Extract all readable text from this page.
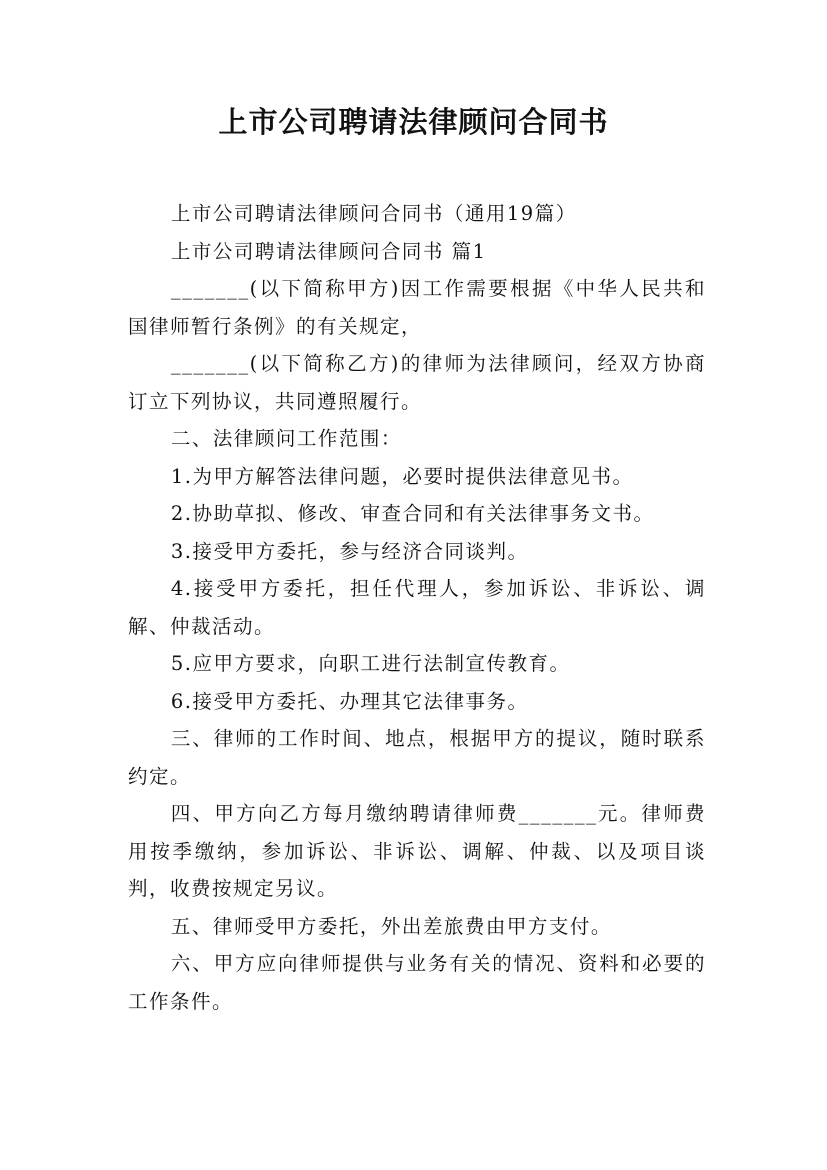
上市公司聘请法律顾问合同书

上市公司聘请法律顾问合同书（通用19篇）

上市公司聘请法律顾问合同书 篇1

_______(以下简称甲方)因工作需要根据《中华人民共和国律师暂行条例》的有关规定，

_______(以下简称乙方)的律师为法律顾问，经双方协商订立下列协议，共同遵照履行。

二、法律顾问工作范围：

1.为甲方解答法律问题，必要时提供法律意见书。

2.协助草拟、修改、审查合同和有关法律事务文书。

3.接受甲方委托，参与经济合同谈判。

4.接受甲方委托，担任代理人，参加诉讼、非诉讼、调解、仲裁活动。

5.应甲方要求，向职工进行法制宣传教育。

6.接受甲方委托、办理其它法律事务。

三、律师的工作时间、地点，根据甲方的提议，随时联系约定。

四、甲方向乙方每月缴纳聘请律师费_______元。律师费用按季缴纳，参加诉讼、非诉讼、调解、仲裁、以及项目谈判，收费按规定另议。

五、律师受甲方委托，外出差旅费由甲方支付。

六、甲方应向律师提供与业务有关的情况、资料和必要的工作条件。
